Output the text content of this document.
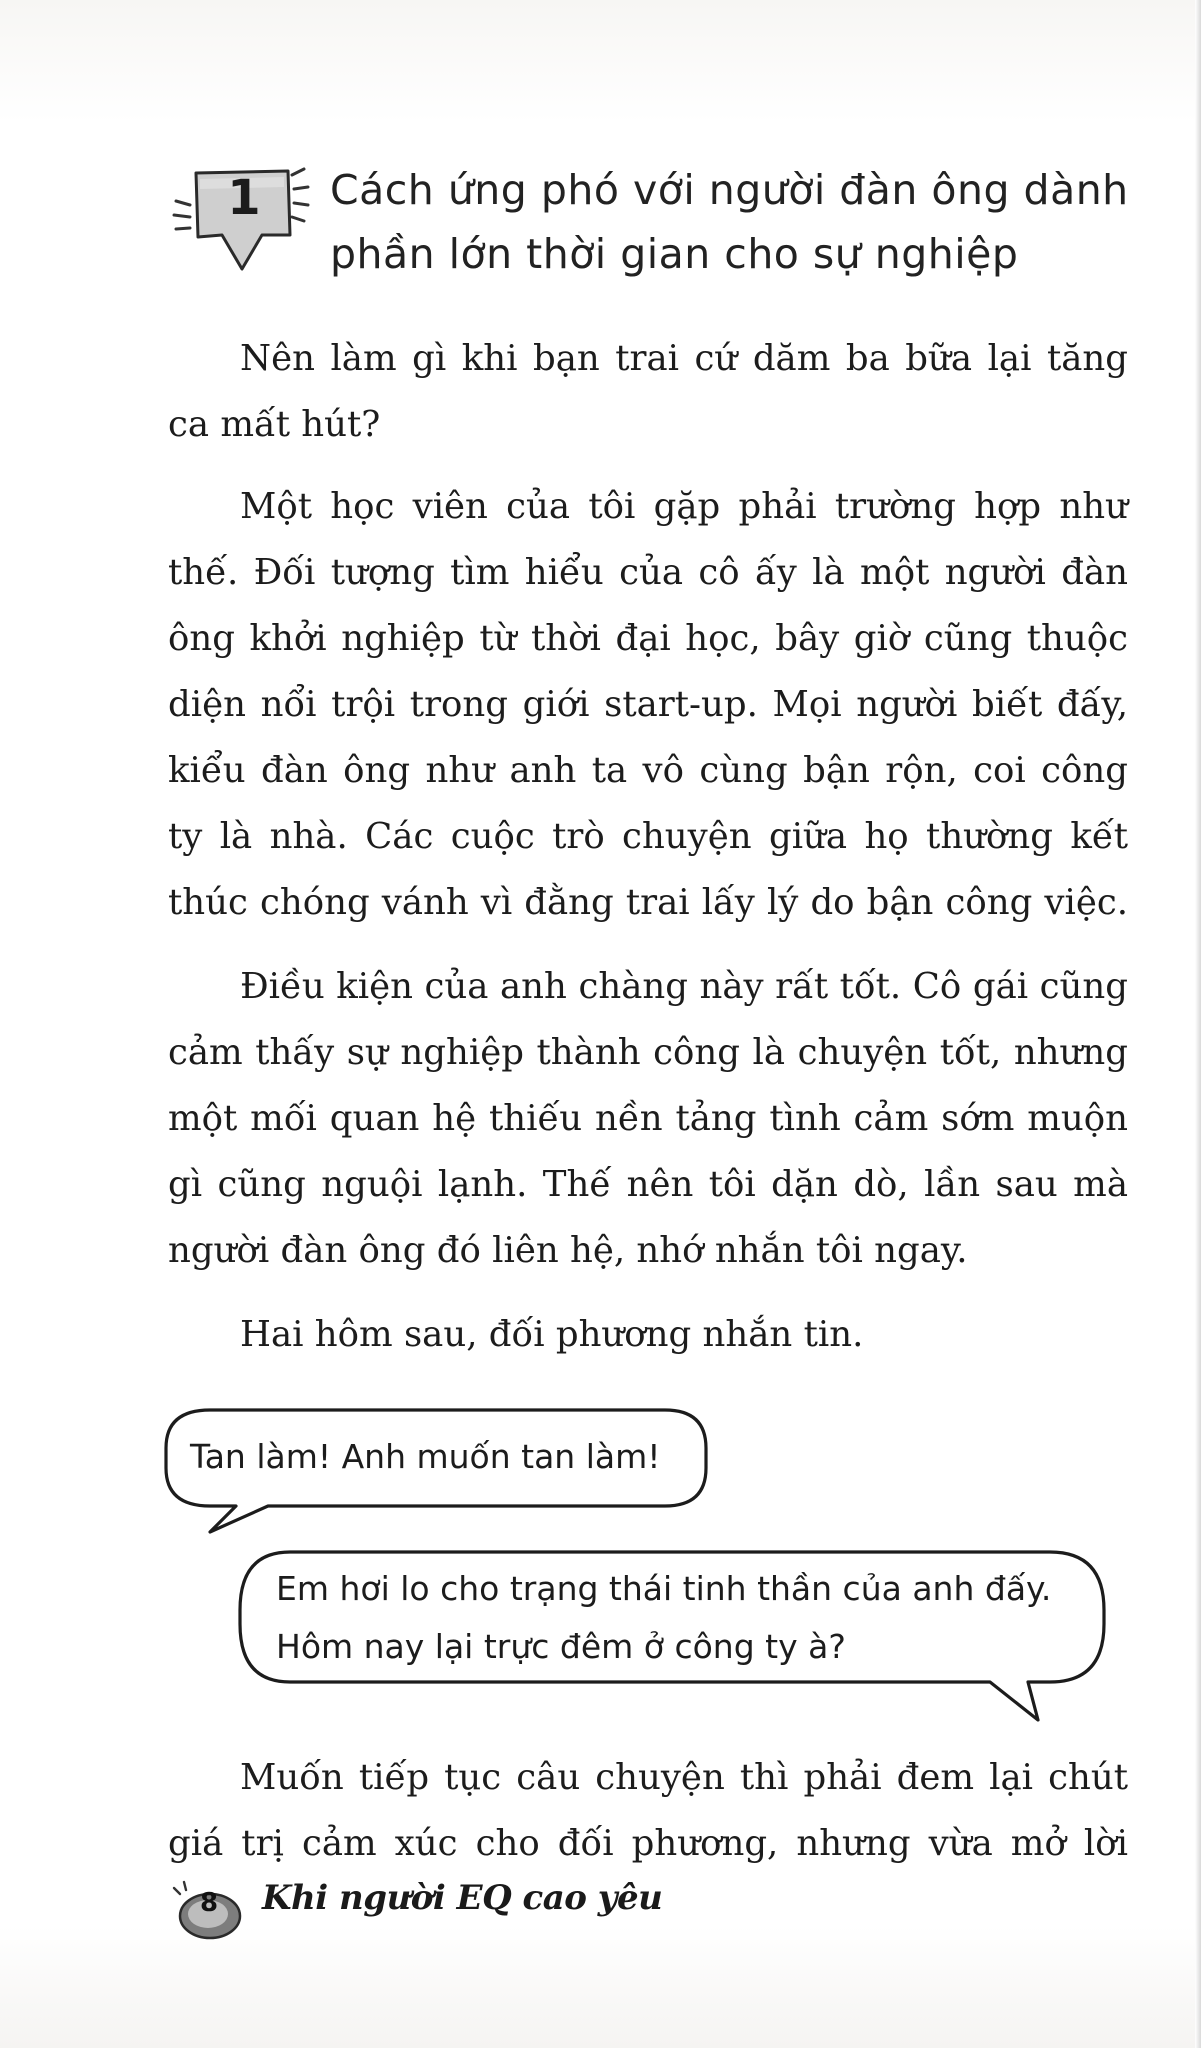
1 Cách ứng phó với người đàn ông dành
phần lớn thời gian cho sự nghiệp

Nên làm gì khi bạn trai cứ dăm ba bữa lại tăng
ca mất hút?

Một học viên của tôi gặp phải trường hợp như
thế. Đối tượng tìm hiểu của cô ấy là một người đàn
ông khởi nghiệp từ thời đại học, bây giờ cũng thuộc
diện nổi trội trong giới start-up. Mọi người biết đấy,
kiểu đàn ông như anh ta vô cùng bận rộn, coi công
ty là nhà. Các cuộc trò chuyện giữa họ thường kết
thúc chóng vánh vì đằng trai lấy lý do bận công việc.

Điều kiện của anh chàng này rất tốt. Cô gái cũng
cảm thấy sự nghiệp thành công là chuyện tốt, nhưng
một mối quan hệ thiếu nền tảng tình cảm sớm muộn
gì cũng nguội lạnh. Thế nên tôi dặn dò, lần sau mà
người đàn ông đó liên hệ, nhớ nhắn tôi ngay.

Hai hôm sau, đối phương nhắn tin.

Tan làm! Anh muốn tan làm!
Em hơi lo cho trạng thái tinh thần của anh đấy.
Hôm nay lại trực đêm ở công ty à?

Muốn tiếp tục câu chuyện thì phải đem lại chút
giá trị cảm xúc cho đối phương, nhưng vừa mở lời

8 Khi người EQ cao yêu
